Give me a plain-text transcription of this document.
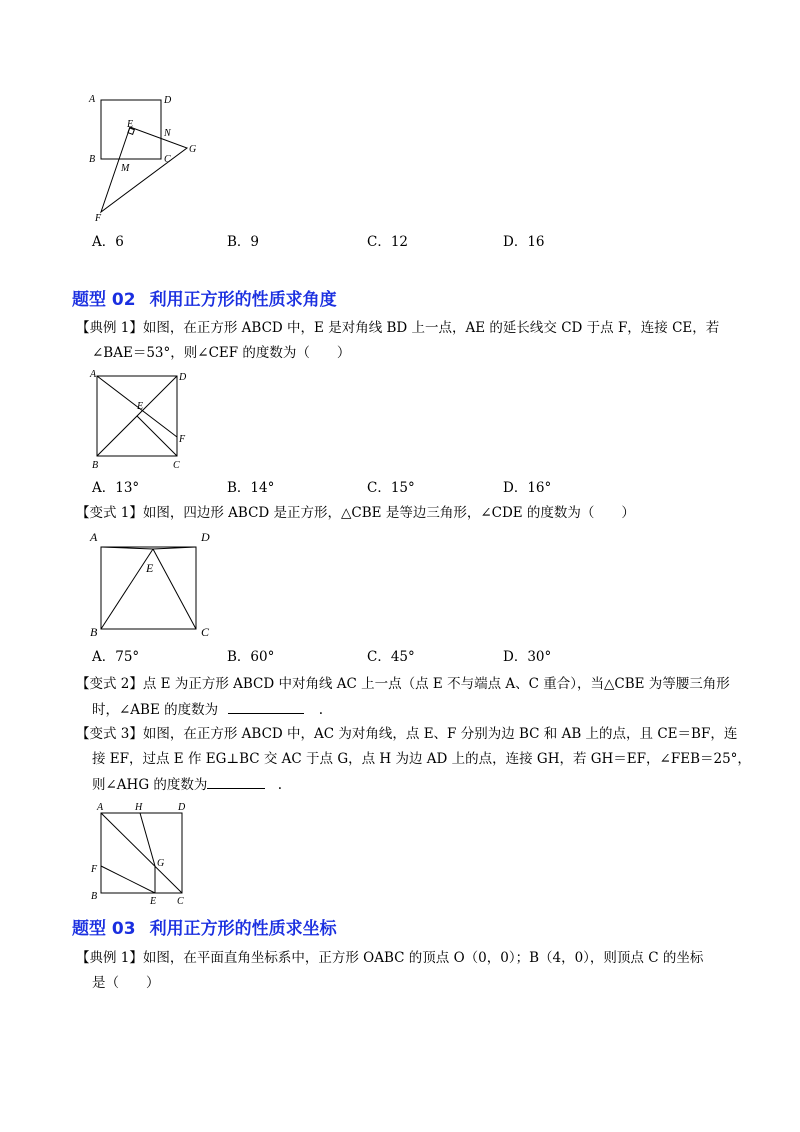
A	D
E
N
B	C
G
M
F
A．6	B．9	C．12	D．16
题型 02 利用正方形的性质求角度
【典例 1】如图，在正方形 ABCD 中，E 是对角线 BD 上一点，AE 的延长线交 CD 于点 F，连接 CE，若
∠BAE＝53°，则∠CEF 的度数为（　　）
A	D
E
F
B	C
A．13°	B．14°	C．15°	D．16°
【变式 1】如图，四边形 ABCD 是正方形，△CBE 是等边三角形，∠CDE 的度数为（　　）
A	D
E
B	C
A．75°	B．60°	C．45°	D．30°
【变式 2】点 E 为正方形 ABCD 中对角线 AC 上一点（点 E 不与端点 A、C 重合），当△CBE 为等腰三角形
时，∠ABE 的度数为	.
【变式 3】如图，在正方形 ABCD 中，AC 为对角线，点 E、F 分别为边 BC 和 AB 上的点，且 CE＝BF，连
接 EF，过点 E 作 EG⊥BC 交 AC 于点 G，点 H 为边 AD 上的点，连接 GH，若 GH＝EF，∠FEB＝25°，
则∠AHG 的度数为	.
A	H	D
F
G
B	E C
题型 03 利用正方形的性质求坐标
【典例 1】如图，在平面直角坐标系中，正方形 OABC 的顶点 O（0，0）；B（4，0），则顶点 C 的坐标
是（　　）
